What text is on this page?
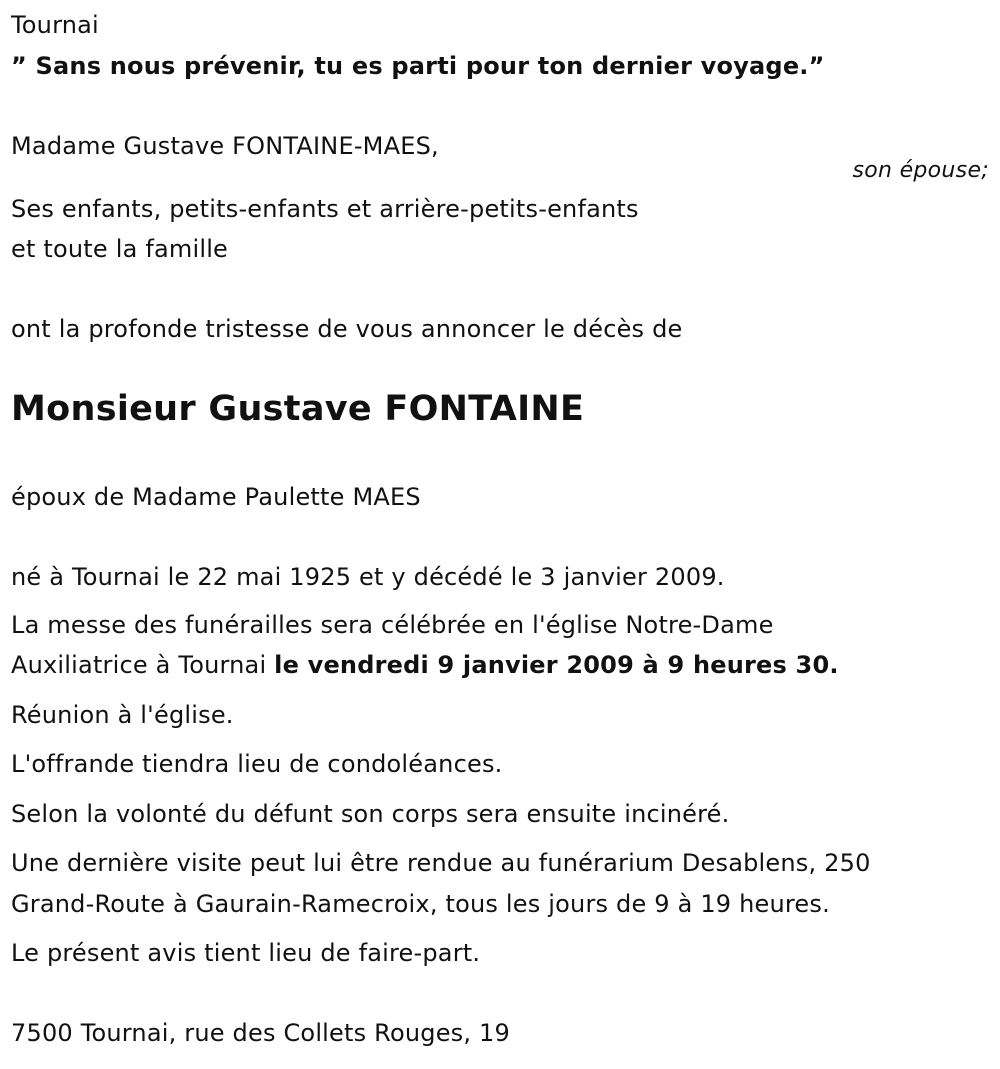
Tournai
” Sans nous prévenir, tu es parti pour ton dernier voyage.”
Madame Gustave FONTAINE-MAES,
son épouse;
Ses enfants, petits-enfants et arrière-petits-enfants
et toute la famille
ont la profonde tristesse de vous annoncer le décès de
Monsieur Gustave FONTAINE
époux de Madame Paulette MAES
né à Tournai le 22 mai 1925 et y décédé le 3 janvier 2009.
La messe des funérailles sera célébrée en l'église Notre-Dame
Auxiliatrice à Tournai le vendredi 9 janvier 2009 à 9 heures 30.
Réunion à l'église.
L'offrande tiendra lieu de condoléances.
Selon la volonté du défunt son corps sera ensuite incinéré.
Une dernière visite peut lui être rendue au funérarium Desablens, 250
Grand-Route à Gaurain-Ramecroix, tous les jours de 9 à 19 heures.
Le présent avis tient lieu de faire-part.
7500 Tournai, rue des Collets Rouges, 19
